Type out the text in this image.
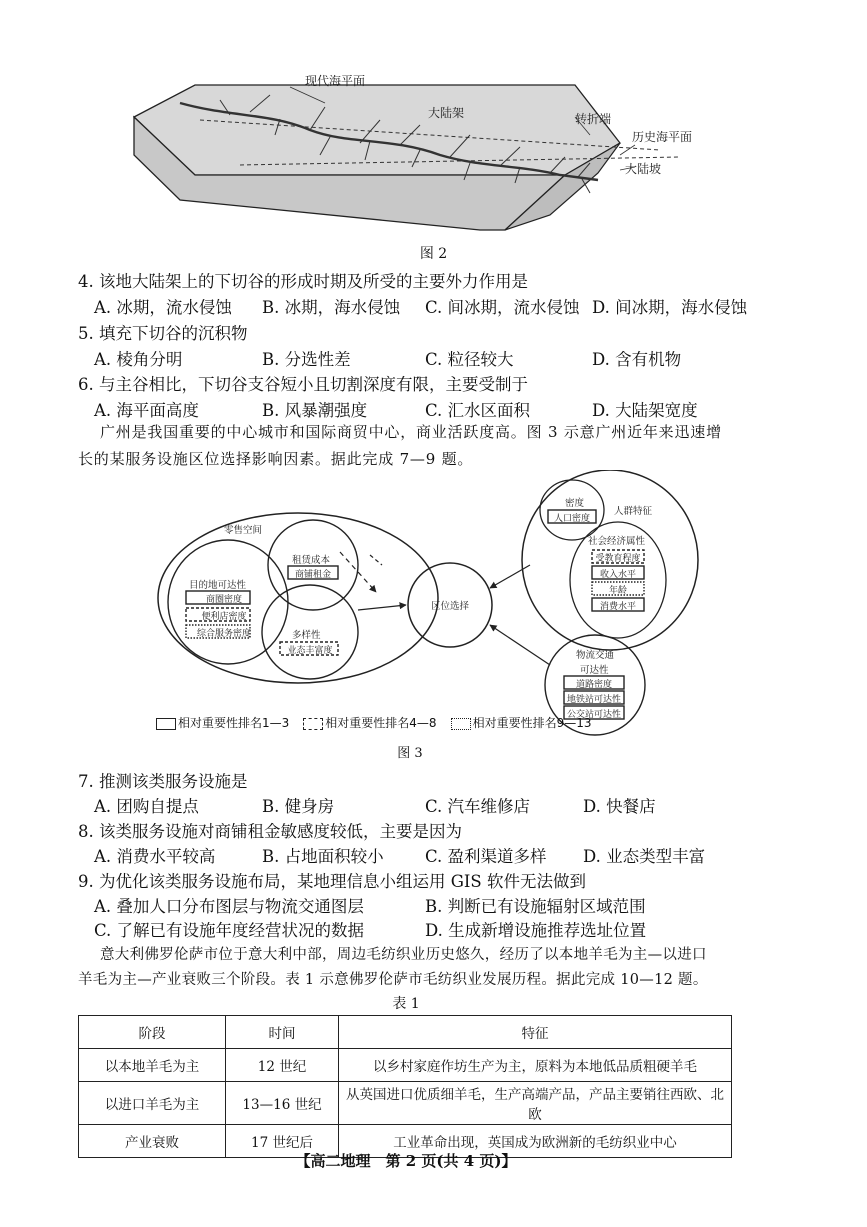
现代海平面
大陆架	转折端
历史海平面
大陆坡
图 2
4. 该地大陆架上的下切谷的形成时期及所受的主要外力作用是
A. 冰期，流水侵蚀 B. 冰期，海水侵蚀 C. 间冰期，流水侵蚀 D. 间冰期，海水侵蚀
5. 填充下切谷的沉积物
A. 棱角分明	B. 分选性差	C. 粒径较大	D. 含有机物
6. 与主谷相比，下切谷支谷短小且切割深度有限，主要受制于
A. 海平面高度	B. 风暴潮强度	C. 汇水区面积	D. 大陆架宽度
广州是我国重要的中心城市和国际商贸中心，商业活跃度高。图 3 示意广州近年来迅速增
长的某服务设施区位选择影响因素。据此完成 7—9 题。
零售空间
目的地可达性
商圈密度
便利店密度
综合服务密度
租赁成本
商铺租金
多样性
业态丰富度
区位选择
密度
人口密度
人群特征
社会经济属性
受教育程度
收入水平
年龄
消费水平
物流交通
可达性
道路密度
地铁站可达性
公交站可达性
相对重要性排名1—3	相对重要性排名4—8	相对重要性排名9—13
图 3
7. 推测该类服务设施是
A. 团购自提点	B. 健身房	C. 汽车维修店	D. 快餐店
8. 该类服务设施对商铺租金敏感度较低，主要是因为
A. 消费水平较高	B. 占地面积较小	C. 盈利渠道多样 D. 业态类型丰富
9. 为优化该类服务设施布局，某地理信息小组运用 GIS 软件无法做到
A. 叠加人口分布图层与物流交通图层	B. 判断已有设施辐射区域范围
C. 了解已有设施年度经营状况的数据	D. 生成新增设施推荐选址位置
意大利佛罗伦萨市位于意大利中部，周边毛纺织业历史悠久，经历了以本地羊毛为主—以进口
羊毛为主—产业衰败三个阶段。表 1 示意佛罗伦萨市毛纺织业发展历程。据此完成 10—12 题。
表 1
阶段	时间	特征
以本地羊毛为主	12 世纪	以乡村家庭作坊生产为主，原料为本地低品质粗硬羊毛
以进口羊毛为主	13—16 世纪	从英国进口优质细羊毛，生产高端产品，产品主要销往西欧、北欧
产业衰败	17 世纪后	工业革命出现，英国成为欧洲新的毛纺织业中心
【高二地理　第 2 页(共 4 页)】
